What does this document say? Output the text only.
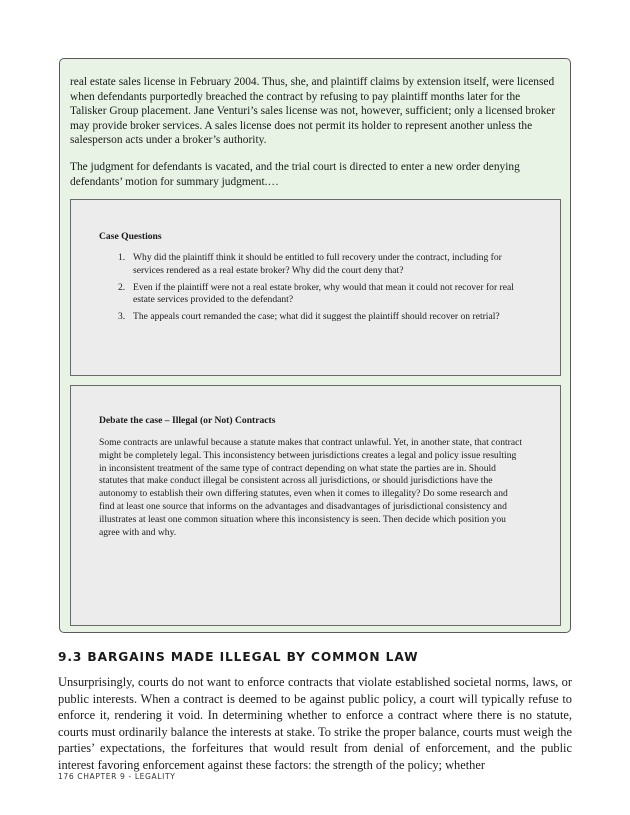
real estate sales license in February 2004. Thus, she, and plaintiff claims by extension itself, were licensed when defendants purportedly breached the contract by refusing to pay plaintiff months later for the Talisker Group placement. Jane Venturi’s sales license was not, however, sufficient; only a licensed broker may provide broker services. A sales license does not permit its holder to represent another unless the salesperson acts under a broker’s authority.

The judgment for defendants is vacated, and the trial court is directed to enter a new order denying defendants’ motion for summary judgment.…

Case Questions

1. Why did the plaintiff think it should be entitled to full recovery under the contract, including for services rendered as a real estate broker? Why did the court deny that?
2. Even if the plaintiff were not a real estate broker, why would that mean it could not recover for real estate services provided to the defendant?
3. The appeals court remanded the case; what did it suggest the plaintiff should recover on retrial?

Debate the case – Illegal (or Not) Contracts

Some contracts are unlawful because a statute makes that contract unlawful. Yet, in another state, that contract might be completely legal. This inconsistency between jurisdictions creates a legal and policy issue resulting in inconsistent treatment of the same type of contract depending on what state the parties are in. Should statutes that make conduct illegal be consistent across all jurisdictions, or should jurisdictions have the autonomy to establish their own differing statutes, even when it comes to illegality? Do some research and find at least one source that informs on the advantages and disadvantages of jurisdictional consistency and illustrates at least one common situation where this inconsistency is seen. Then decide which position you agree with and why.

9.3 BARGAINS MADE ILLEGAL BY COMMON LAW

Unsurprisingly, courts do not want to enforce contracts that violate established societal norms, laws, or public interests. When a contract is deemed to be against public policy, a court will typically refuse to enforce it, rendering it void. In determining whether to enforce a contract where there is no statute, courts must ordinarily balance the interests at stake. To strike the proper balance, courts must weigh the parties’ expectations, the forfeitures that would result from denial of enforcement, and the public interest favoring enforcement against these factors: the strength of the policy; whether

176 CHAPTER 9 - LEGALITY
